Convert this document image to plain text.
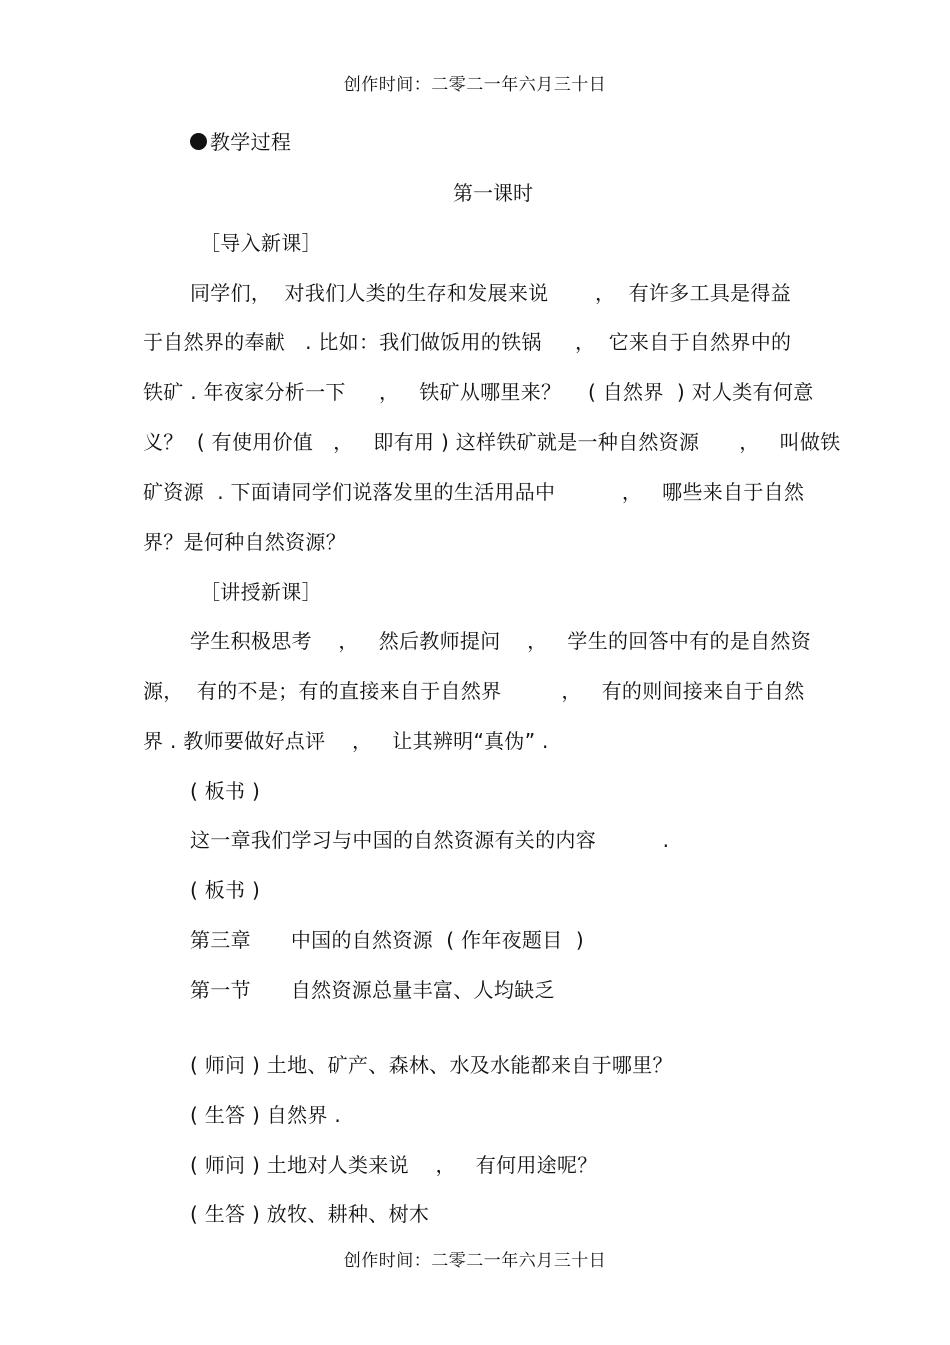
创作时间：二零二一年六月三十日
教学过程
第一课时
［导入新课］
同学们，  对我们人类的生存和发展来说       ，  有许多工具是得益
于自然界的奉献   . 比如：我们做饭用的铁锅     ，  它来自于自然界中的
铁矿 . 年夜家分析一下     ，   铁矿从哪里来？    ( 自然界  ) 对人类有何意
义？  ( 有使用价值   ，   即有用 ) 这样铁矿就是一种自然资源      ，   叫做铁
矿资源  . 下面请同学们说落发里的生活用品中          ，   哪些来自于自然
界？是何种自然资源？
［讲授新课］
学生积极思考    ，   然后教师提问    ，   学生的回答中有的是自然资
源，  有的不是；有的直接来自于自然界         ，   有的则间接来自于自然
界 . 教师要做好点评    ，   让其辨明“真伪” .
( 板书 )
这一章我们学习与中国的自然资源有关的内容          .
( 板书 )
第三章      中国的自然资源  ( 作年夜题目  )
第一节      自然资源总量丰富、人均缺乏
( 师问 ) 土地、矿产、森林、水及水能都来自于哪里？
( 生答 ) 自然界 .
( 师问 ) 土地对人类来说    ，   有何用途呢？
( 生答 ) 放牧、耕种、树木
创作时间：二零二一年六月三十日
